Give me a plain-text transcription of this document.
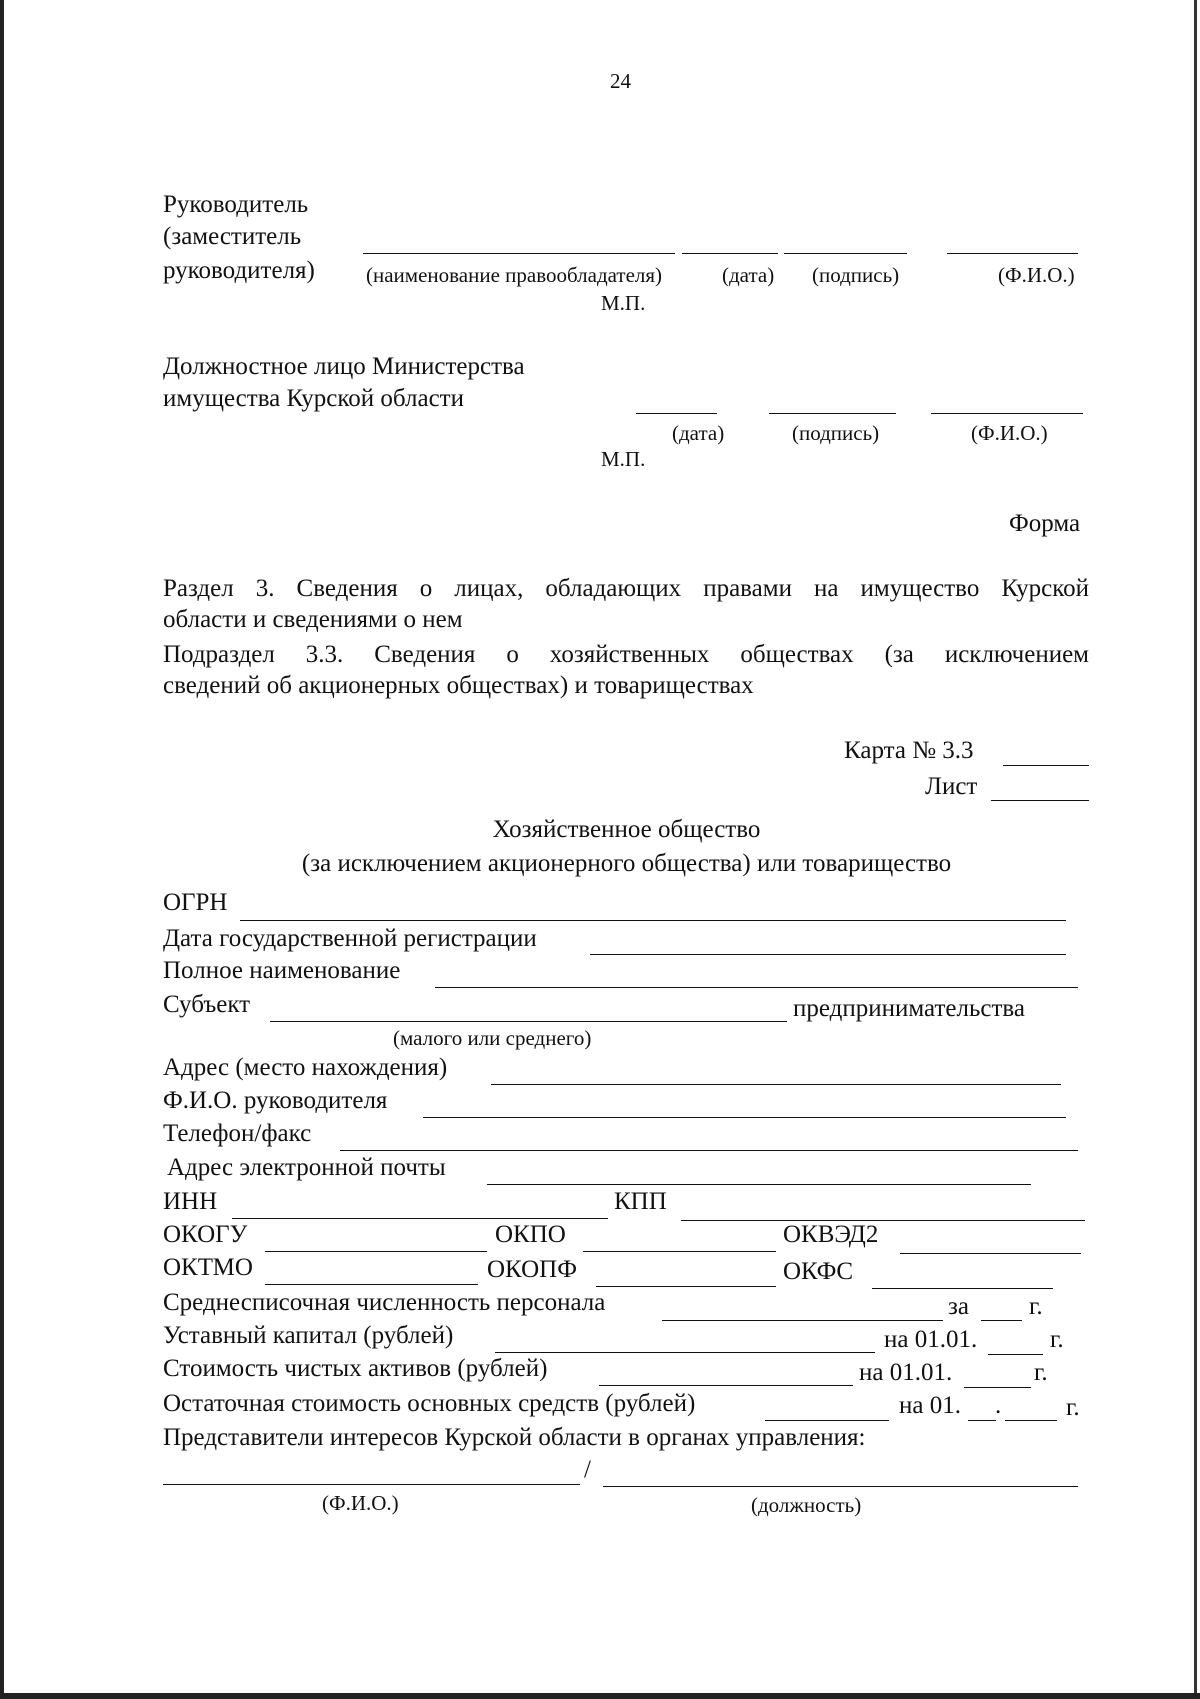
24
Руководитель
(заместитель
руководителя) (наименование правообладателя)	(дата) (подпись)	(Ф.И.О.)
М.П.
Должностное лицо Министерства
имущества Курской области
(дата)	(подпись)	(Ф.И.О.)
М.П.
Форма
Раздел 3. Сведения о лицах, обладающих правами на имущество Курской
области и сведениями о нем
Подраздел 3.3. Сведения о хозяйственных обществах (за исключением
сведений об акционерных обществах) и товариществах
Карта № 3.3
Лист
Хозяйственное общество
(за исключением акционерного общества) или товарищество
ОГРН
Дата государственной регистрации
Полное наименование
Субъект	предпринимательства
(малого или среднего)
Адрес (место нахождения)
Ф.И.О. руководителя
Телефон/факс
Адрес электронной почты
ИНН	КПП
ОКОГУ	ОКПО	ОКВЭД2
ОКТМО	ОКОПФ	ОКФС
Среднесписочная численность персонала	за г.
Уставный капитал (рублей)	на 01.01.	г.
Стоимость чистых активов (рублей)	на 01.01.	г.
Остаточная стоимость основных средств (рублей)	на 01. .	г.
Представители интересов Курской области в органах управления:
/
(Ф.И.О.)	(должность)
